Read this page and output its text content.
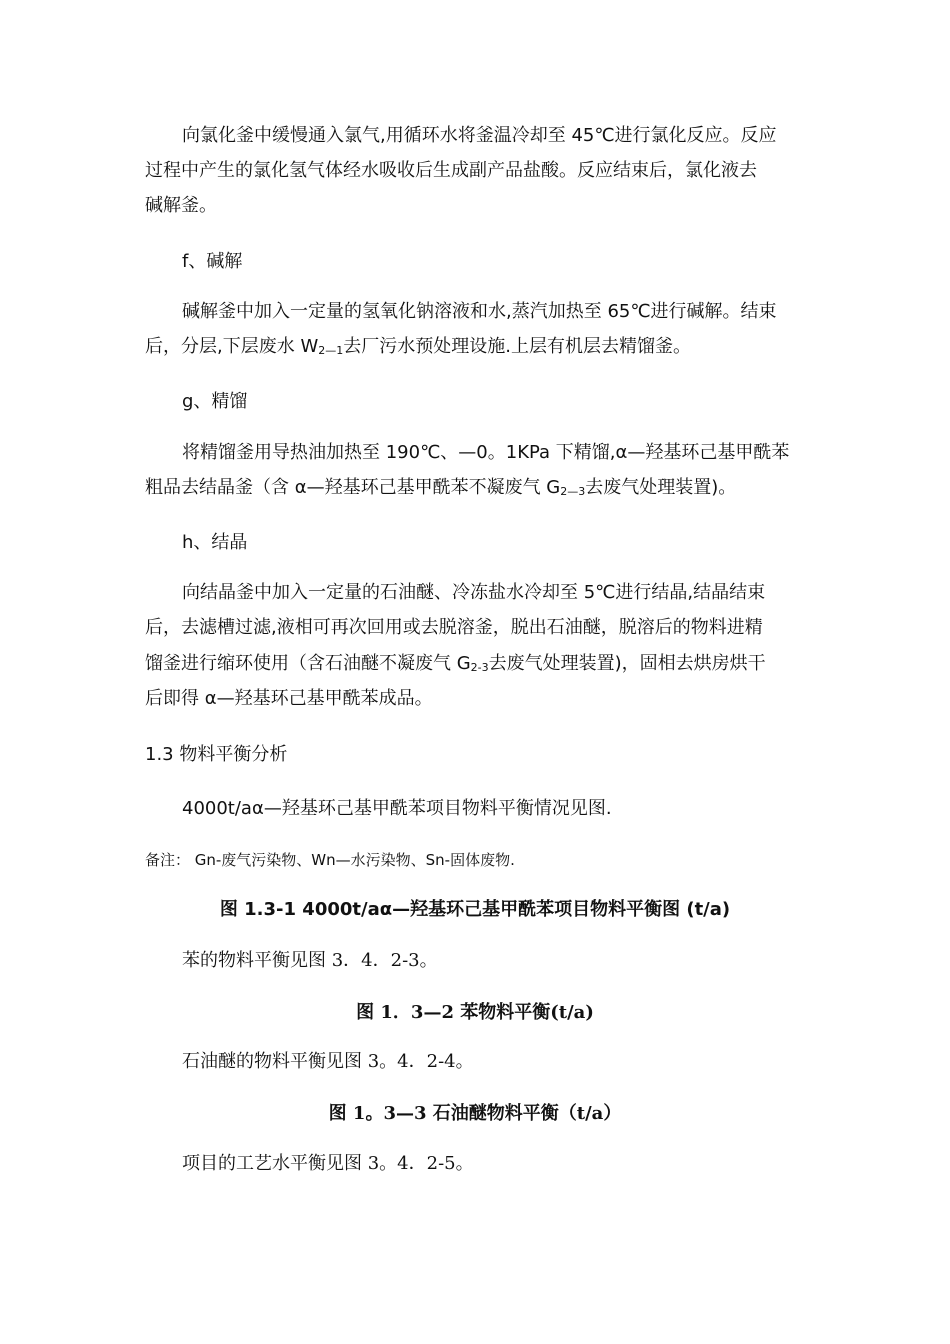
向氯化釜中缓慢通入氯气,用循环水将釜温冷却至 45℃进行氯化反应。反应
过程中产生的氯化氢气体经水吸收后生成副产品盐酸。反应结束后，氯化液去
碱解釜。
f、碱解
碱解釜中加入一定量的氢氧化钠溶液和水,蒸汽加热至 65℃进行碱解。结束
后，分层,下层废水 $W_{2—1}$去厂污水预处理设施.上层有机层去精馏釜。
g、精馏
将精馏釜用导热油加热至 190℃、—0。1KPa 下精馏,α—羟基环己基甲酰苯
粗品去结晶釜（含 α—羟基环己基甲酰苯不凝废气 $G_{2—3}$去废气处理装置)。
h、结晶
向结晶釜中加入一定量的石油醚、冷冻盐水冷却至 5℃进行结晶,结晶结束
后，去滤槽过滤,液相可再次回用或去脱溶釜，脱出石油醚，脱溶后的物料进精
馏釜进行缩环使用（含石油醚不凝废气 $G_{2-3}$去废气处理装置)，固相去烘房烘干
后即得 α—羟基环己基甲酰苯成品。
1.3 物料平衡分析
4000t/aα—羟基环己基甲酰苯项目物料平衡情况见图.
备注： Gn-废气污染物、Wn—水污染物、Sn-固体废物.
图 1.3-1 4000t/aα—羟基环己基甲酰苯项目物料平衡图 (t/a)
苯的物料平衡见图 3．4．2-3。
图 1．3—2 苯物料平衡(t/a)
石油醚的物料平衡见图 3。4．2-4。
图 1。3—3 石油醚物料平衡（t/a）
项目的工艺水平衡见图 3。4．2-5。
